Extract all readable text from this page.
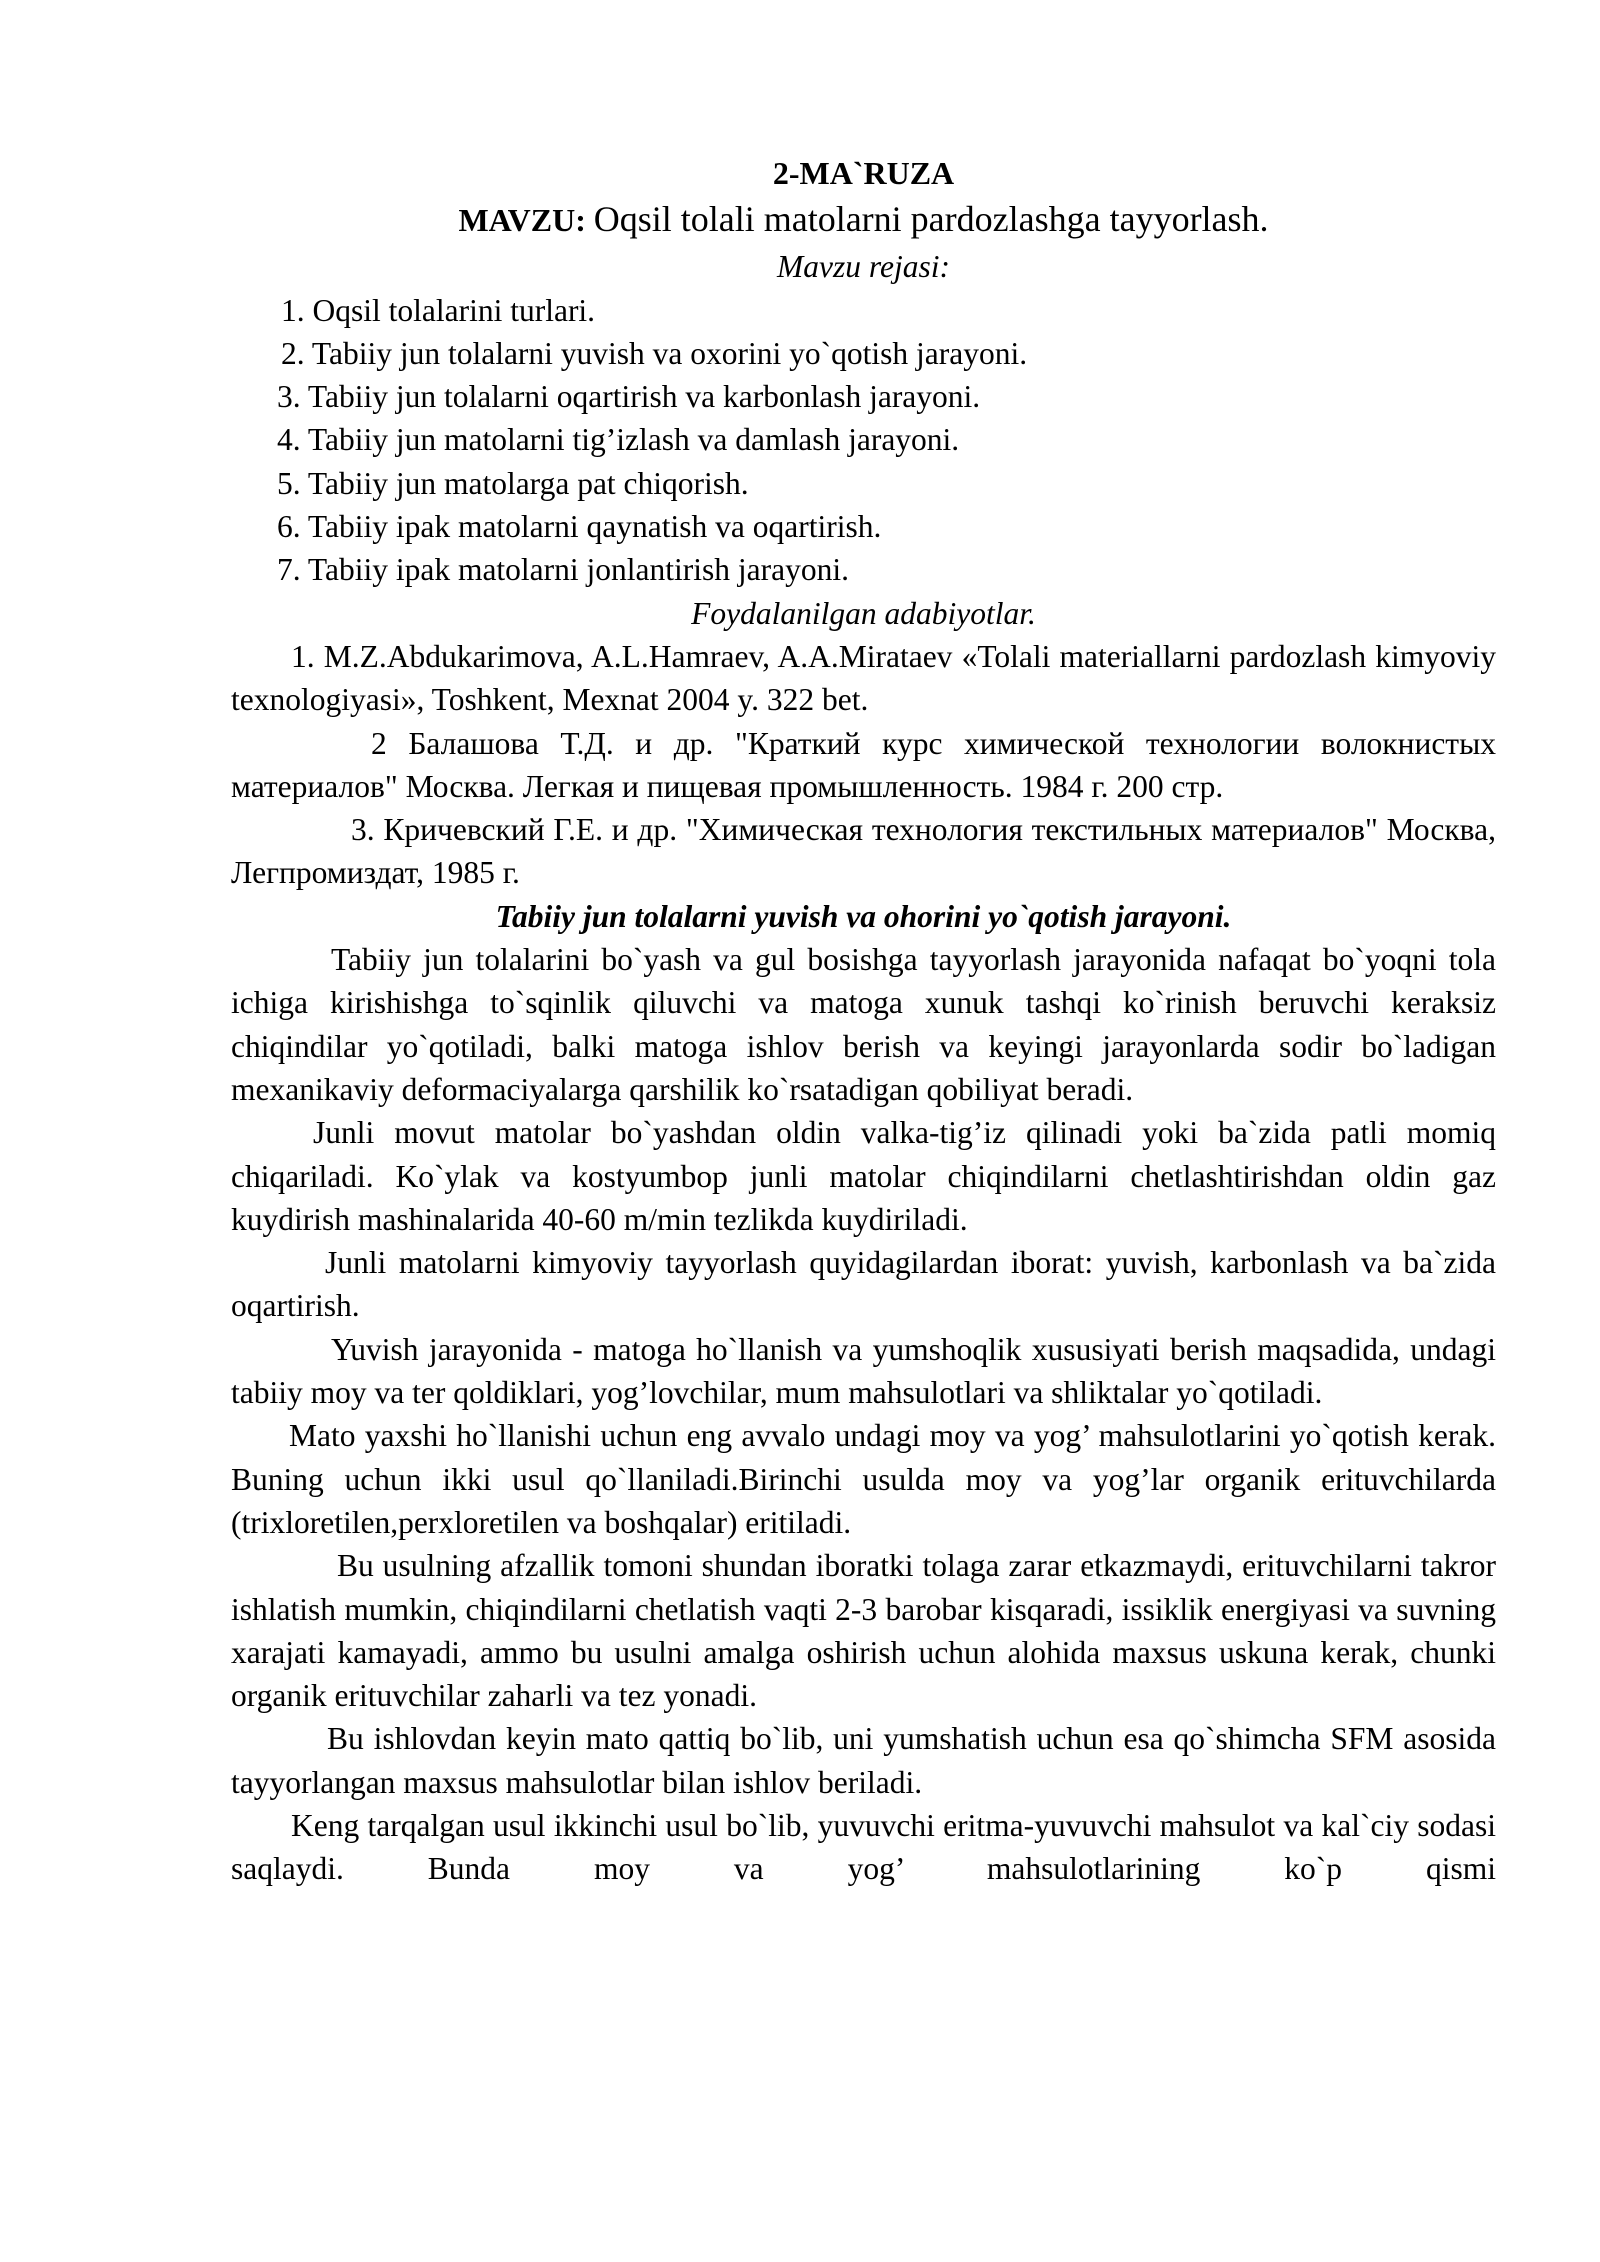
2-MA`RUZA
MAVZU: Oqsil tolali matolarni pardozlashga tayyorlash.
Mavzu rejasi:
1. Oqsil tolalarini turlari.
2. Tabiiy jun tolalarni yuvish va oxorini yo`qotish jarayoni.
3. Tabiiy jun tolalarni oqartirish va karbonlash jarayoni.
4. Tabiiy jun matolarni tig’izlash va damlash jarayoni.
5. Tabiiy jun matolarga pat chiqorish.
6. Tabiiy ipak matolarni qaynatish va oqartirish.
7. Tabiiy ipak matolarni jonlantirish jarayoni.
Foydalanilgan adabiyotlar.

1. M.Z.Abdukarimova, A.L.Hamraev, A.A.Mirataev «Tolali materiallarni pardozlash kimyoviy texnologiyasi», Toshkent, Mexnat 2004 y. 322 bet.

2 Балашова Т.Д. и др. "Краткий курс химической технологии волокнистых материалов" Москва. Легкая и пищевая промышленность. 1984 г. 200 стр.

3. Кричевский Г.Е. и др. "Химическая технология текстильных материалов" Москва, Легпромиздат, 1985 г.

Tabiiy jun tolalarni yuvish va ohorini yo`qotish jarayoni.

Tabiiy jun tolalarini bo`yash va gul bosishga tayyorlash jarayonida nafaqat bo`yoqni tola ichiga kirishishga to`sqinlik qiluvchi va matoga xunuk tashqi ko`rinish beruvchi keraksiz chiqindilar yo`qotiladi, balki matoga ishlov berish va keyingi jarayonlarda sodir bo`ladigan mexanikaviy deformaciyalarga qarshilik ko`rsatadigan qobiliyat beradi.

Junli movut matolar bo`yashdan oldin valka-tig’iz qilinadi yoki ba`zida patli momiq chiqariladi. Ko`ylak va kostyumbop junli matolar chiqindilarni chetlashtirishdan oldin gaz kuydirish mashinalarida 40-60 m/min tezlikda kuydiriladi.

Junli matolarni kimyoviy tayyorlash quyidagilardan iborat: yuvish, karbonlash va ba`zida oqartirish.

Yuvish jarayonida - matoga ho`llanish va yumshoqlik xususiyati berish maqsadida, undagi tabiiy moy va ter qoldiklari, yog’lovchilar, mum mahsulotlari va shliktalar yo`qotiladi.

Mato yaxshi ho`llanishi uchun eng avvalo undagi moy va yog’ mahsulotlarini yo`qotish kerak. Buning uchun ikki usul qo`llaniladi.Birinchi usulda moy va yog’lar organik erituvchilarda (trixloretilen,perxloretilen va boshqalar) eritiladi.

Bu usulning afzallik tomoni shundan iboratki tolaga zarar etkazmaydi, erituvchilarni takror ishlatish mumkin, chiqindilarni chetlatish vaqti 2-3 barobar kisqaradi, issiklik energiyasi va suvning xarajati kamayadi, ammo bu usulni amalga oshirish uchun alohida maxsus uskuna kerak, chunki organik erituvchilar zaharli va tez yonadi.

Bu ishlovdan keyin mato qattiq bo`lib, uni yumshatish uchun esa qo`shimcha SFM asosida tayyorlangan maxsus mahsulotlar bilan ishlov beriladi.

Keng tarqalgan usul ikkinchi usul bo`lib, yuvuvchi eritma-yuvuvchi mahsulot va kal`ciy sodasi saqlaydi. Bunda moy va yog’ mahsulotlarining ko`p qismi
